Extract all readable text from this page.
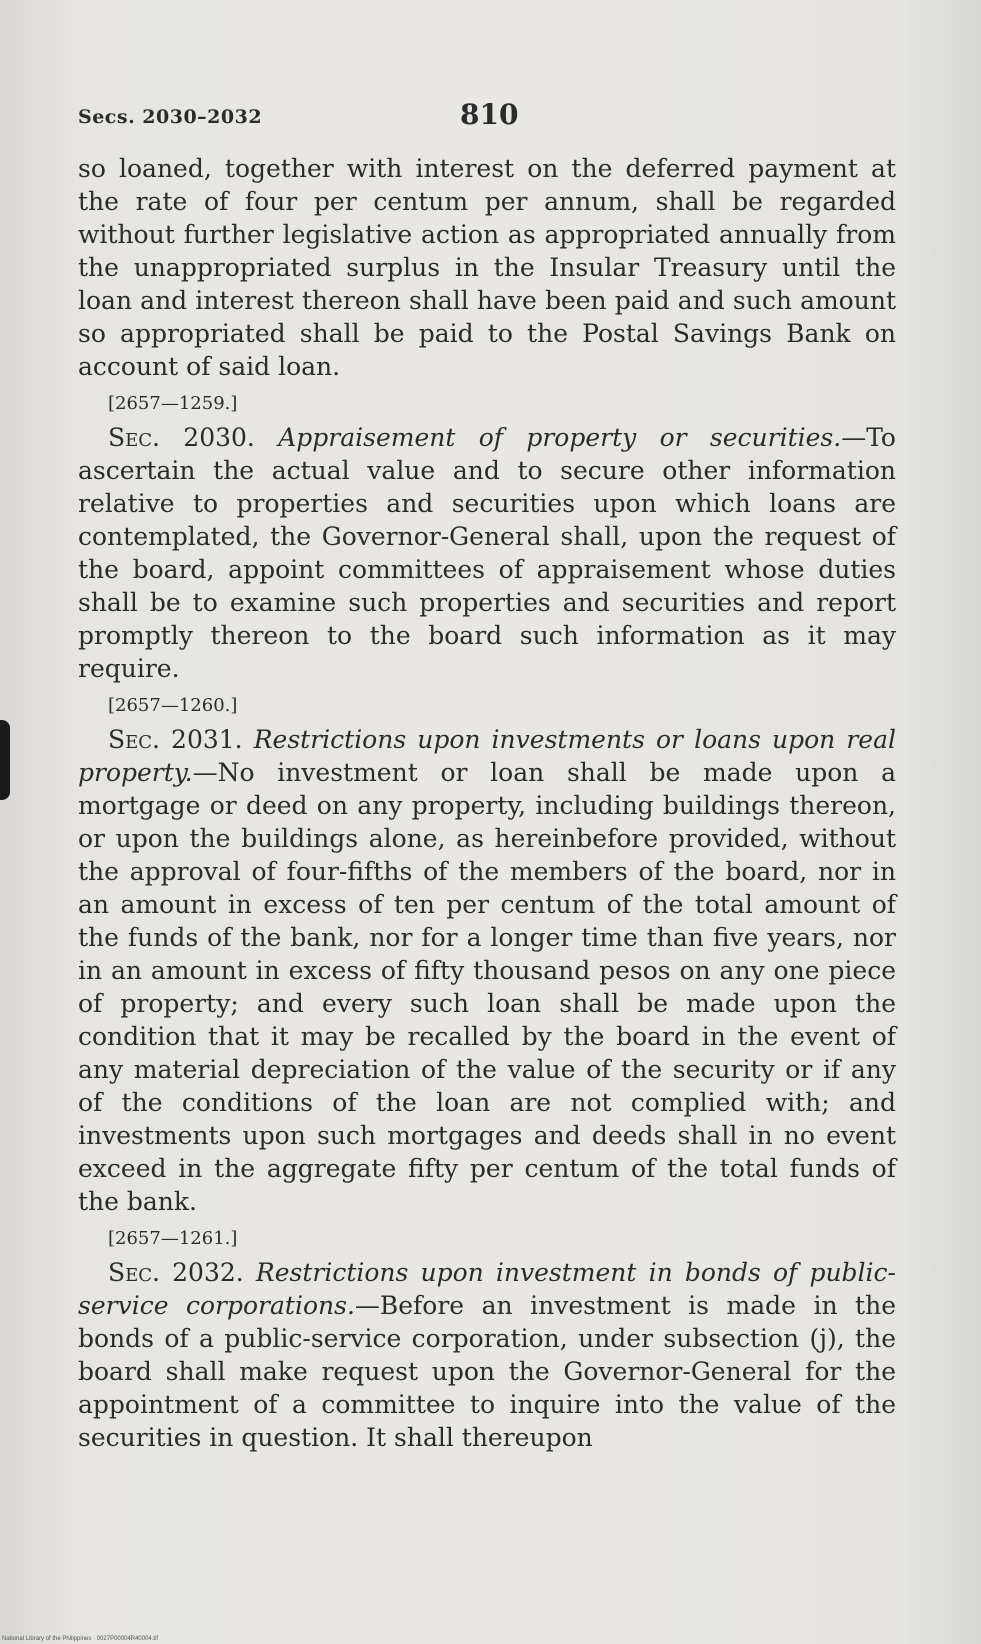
Secs. 2030–2032	810

so loaned, together with interest on the deferred payment at the rate of four per centum per annum, shall be regarded without further legislative action as appropriated annually from the unappropriated surplus in the Insular Treasury until the loan and interest thereon shall have been paid and such amount so appropriated shall be paid to the Postal Savings Bank on account of said loan.

[2657—1259.]

Sec. 2030. Appraisement of property or securities.—To ascertain the actual value and to secure other information relative to properties and securities upon which loans are contemplated, the Governor-General shall, upon the request of the board, appoint committees of appraisement whose duties shall be to examine such properties and securities and report promptly thereon to the board such information as it may require.

[2657—1260.]

Sec. 2031. Restrictions upon investments or loans upon real property.—No investment or loan shall be made upon a mortgage or deed on any property, including buildings thereon, or upon the buildings alone, as hereinbefore provided, without the approval of four-fifths of the members of the board, nor in an amount in excess of ten per centum of the total amount of the funds of the bank, nor for a longer time than five years, nor in an amount in excess of fifty thousand pesos on any one piece of property; and every such loan shall be made upon the condition that it may be recalled by the board in the event of any material depreciation of the value of the security or if any of the conditions of the loan are not complied with; and investments upon such mortgages and deeds shall in no event exceed in the aggregate fifty per centum of the total funds of the bank.

[2657—1261.]

Sec. 2032. Restrictions upon investment in bonds of public-service corporations.—Before an investment is made in the bonds of a public-service corporation, under subsection (j), the board shall make request upon the Governor-General for the appointment of a committee to inquire into the value of the securities in question. It shall thereupon

National Library of the Philippines · 0027P00004R40004.tif
